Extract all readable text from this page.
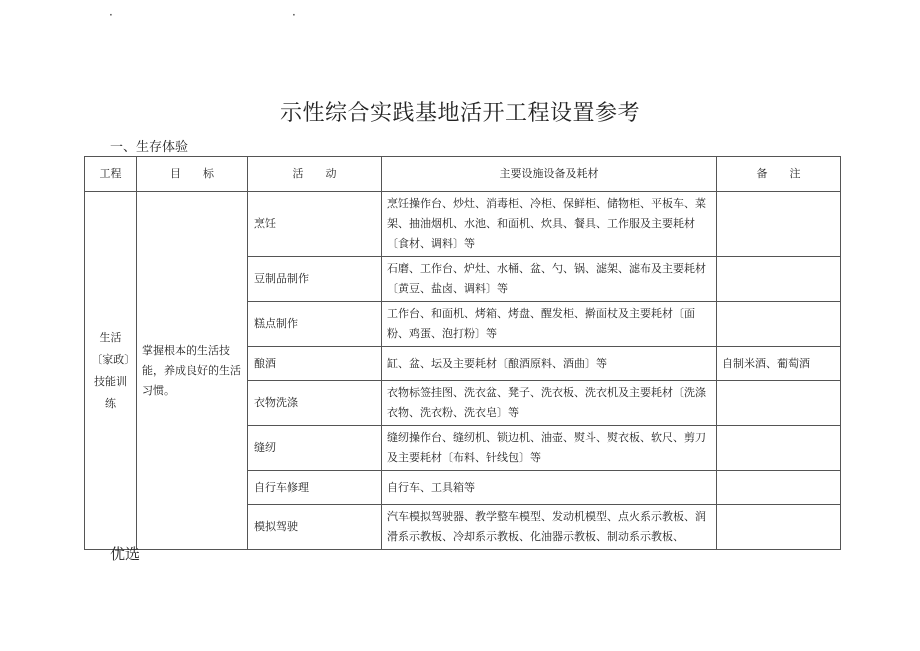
·	·
示性综合实践基地活开工程设置参考
一、生存体验
工程	目　　标	活　　动	主要设施设备及耗材	备　　注
生活〔家政〕技能训练	掌握根本的生活技能，养成良好的生活习惯。	烹饪	烹饪操作台、炒灶、消毒柜、冷柜、保鲜柜、储物柜、平板车、菜架、抽油烟机、水池、和面机、炊具、餐具、工作服及主要耗材〔食材、调料〕等	
		豆制品制作	石磨、工作台、炉灶、水桶、盆、勺、锅、滤架、滤布及主要耗材〔黄豆、盐卤、调料〕等	
		糕点制作	工作台、和面机、烤箱、烤盘、醒发柜、擀面杖及主要耗材〔面粉、鸡蛋、泡打粉〕等	
		酿酒	缸、盆、坛及主要耗材〔酿酒原料、酒曲〕等	自制米酒、葡萄酒
		衣物洗涤	衣物标签挂图、洗衣盆、凳子、洗衣板、洗衣机及主要耗材〔洗涤衣物、洗衣粉、洗衣皂〕等	
		缝纫	缝纫操作台、缝纫机、锁边机、油壶、熨斗、熨衣板、软尺、剪刀及主要耗材〔布料、针线包〕等	
		自行车修理	自行车、工具箱等	
		模拟驾驶	汽车模拟驾驶器、教学整车模型、发动机模型、点火系示教板、润滑系示教板、冷却系示教板、化油器示教板、制动系示教板、	
优选
